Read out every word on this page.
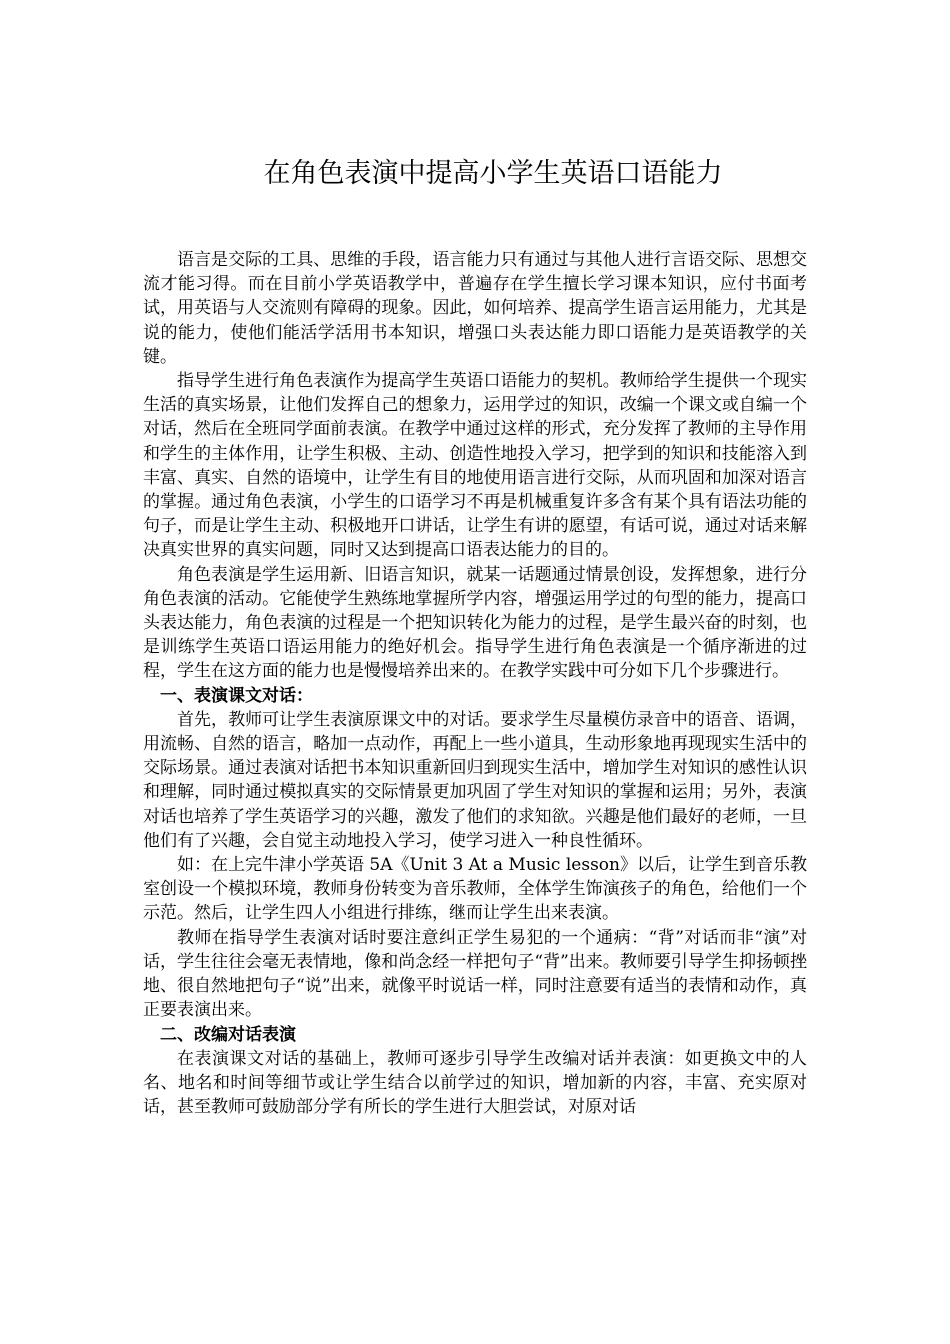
在角色表演中提高小学生英语口语能力

语言是交际的工具、思维的手段，语言能力只有通过与其他人进行言语交际、思想交流才能习得。而在目前小学英语教学中，普遍存在学生擅长学习课本知识，应付书面考试，用英语与人交流则有障碍的现象。因此，如何培养、提高学生语言运用能力，尤其是说的能力，使他们能活学活用书本知识，增强口头表达能力即口语能力是英语教学的关键。

指导学生进行角色表演作为提高学生英语口语能力的契机。教师给学生提供一个现实生活的真实场景，让他们发挥自己的想象力，运用学过的知识，改编一个课文或自编一个对话，然后在全班同学面前表演。在教学中通过这样的形式，充分发挥了教师的主导作用和学生的主体作用，让学生积极、主动、创造性地投入学习，把学到的知识和技能溶入到丰富、真实、自然的语境中，让学生有目的地使用语言进行交际，从而巩固和加深对语言的掌握。通过角色表演，小学生的口语学习不再是机械重复许多含有某个具有语法功能的句子，而是让学生主动、积极地开口讲话，让学生有讲的愿望，有话可说，通过对话来解决真实世界的真实问题，同时又达到提高口语表达能力的目的。

角色表演是学生运用新、旧语言知识，就某一话题通过情景创设，发挥想象，进行分角色表演的活动。它能使学生熟练地掌握所学内容，增强运用学过的句型的能力，提高口头表达能力，角色表演的过程是一个把知识转化为能力的过程，是学生最兴奋的时刻，也是训练学生英语口语运用能力的绝好机会。指导学生进行角色表演是一个循序渐进的过程，学生在这方面的能力也是慢慢培养出来的。在教学实践中可分如下几个步骤进行。

一、表演课文对话：

首先，教师可让学生表演原课文中的对话。要求学生尽量模仿录音中的语音、语调，用流畅、自然的语言，略加一点动作，再配上一些小道具，生动形象地再现现实生活中的交际场景。通过表演对话把书本知识重新回归到现实生活中，增加学生对知识的感性认识和理解，同时通过模拟真实的交际情景更加巩固了学生对知识的掌握和运用；另外，表演对话也培养了学生英语学习的兴趣，激发了他们的求知欲。兴趣是他们最好的老师，一旦他们有了兴趣，会自觉主动地投入学习，使学习进入一种良性循环。

如：在上完牛津小学英语 5A《Unit 3 At a Music lesson》以后，让学生到音乐教室创设一个模拟环境，教师身份转变为音乐教师，全体学生饰演孩子的角色，给他们一个示范。然后，让学生四人小组进行排练，继而让学生出来表演。

教师在指导学生表演对话时要注意纠正学生易犯的一个通病：“背”对话而非“演”对话，学生往往会毫无表情地，像和尚念经一样把句子“背”出来。教师要引导学生抑扬顿挫地、很自然地把句子“说”出来，就像平时说话一样，同时注意要有适当的表情和动作，真正要表演出来。

二、改编对话表演

在表演课文对话的基础上，教师可逐步引导学生改编对话并表演：如更换文中的人名、地名和时间等细节或让学生结合以前学过的知识，增加新的内容，丰富、充实原对话，甚至教师可鼓励部分学有所长的学生进行大胆尝试，对原对话
